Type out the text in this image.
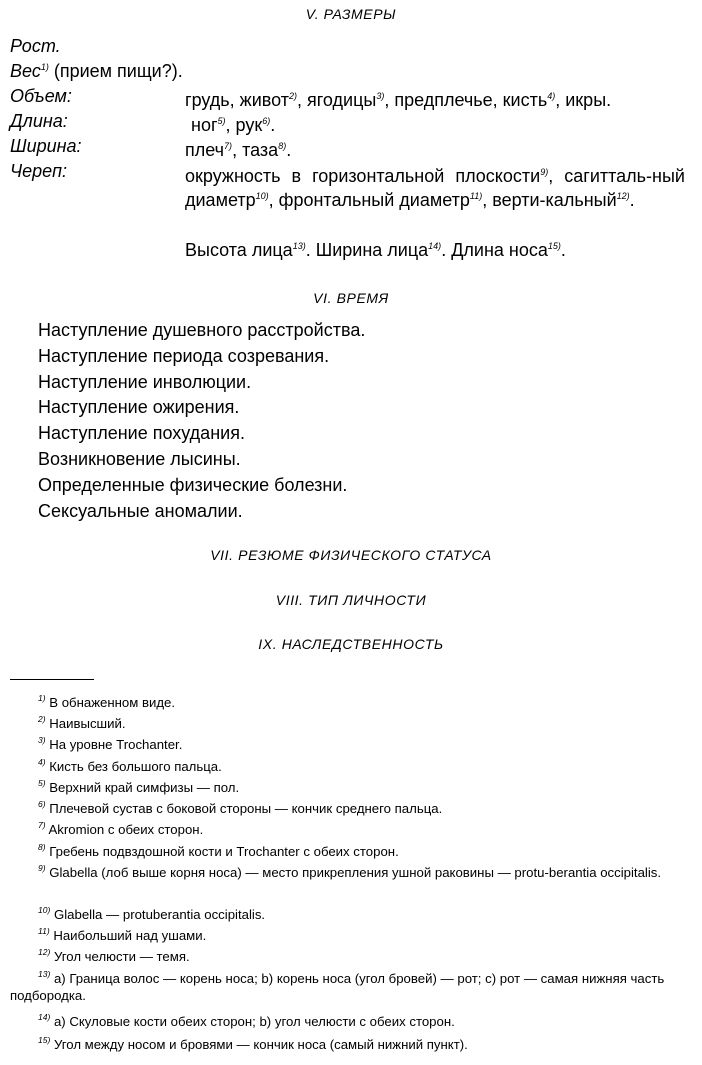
V. РАЗМЕРЫ
Рост.
Вес$^{1)}$ (прием пищи?).
Объем:	грудь, живот$^{2)}$, ягодицы$^{3)}$, предплечье, кисть$^{4)}$, икры.
Длина:	ног$^{5)}$, рук$^{6)}$.
Ширина:	плеч$^{7)}$, таза$^{8)}$.
Череп:	окружность в горизонтальной плоскости$^{9)}$, сагитталь-ный диаметр$^{10)}$, фронтальный диаметр$^{11)}$, верти-кальный$^{12)}$.
Высота лица$^{13)}$. Ширина лица$^{14)}$. Длина носа$^{15)}$.
VI. ВРЕМЯ
Наступление душевного расстройства.
Наступление периода созревания.
Наступление инволюции.
Наступление ожирения.
Наступление похудания.
Возникновение лысины.
Определенные физические болезни.
Сексуальные аномалии.
VII. РЕЗЮМЕ ФИЗИЧЕСКОГО СТАТУСА
VIII. ТИП ЛИЧНОСТИ
IX. НАСЛЕДСТВЕННОСТЬ
$^{1)}$ В обнаженном виде.
$^{2)}$ Наивысший.
$^{3)}$ На уровне Trochanter.
$^{4)}$ Кисть без большого пальца.
$^{5)}$ Верхний край симфизы — пол.
$^{6)}$ Плечевой сустав с боковой стороны — кончик среднего пальца.
$^{7)}$ Akromion с обеих сторон.
$^{8)}$ Гребень подвздошной кости и Trochanter с обеих сторон.
$^{9)}$ Glabella (лоб выше корня носа) — место прикрепления ушной раковины — protu-berantia occipitalis.
$^{10)}$ Glabella — protuberantia occipitalis.
$^{11)}$ Наибольший над ушами.
$^{12)}$ Угол челюсти — темя.
$^{13)}$ а) Граница волос — корень носа; b) корень носа (угол бровей) — рот; c) рот — самая нижняя часть подбородка.
$^{14)}$ а) Скуловые кости обеих сторон; b) угол челюсти с обеих сторон.
$^{15)}$ Угол между носом и бровями — кончик носа (самый нижний пункт).
